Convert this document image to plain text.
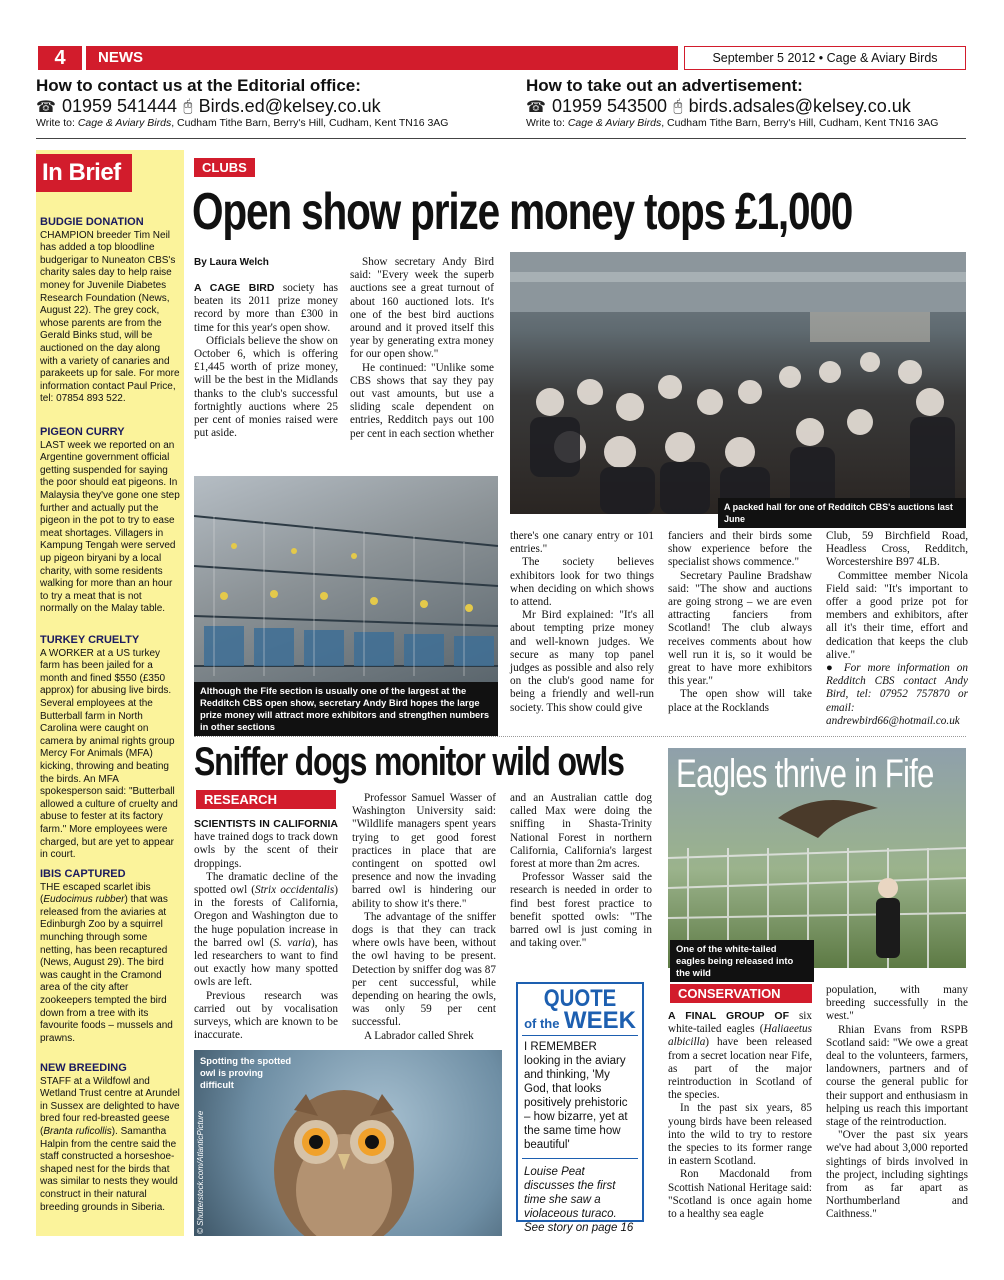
4	NEWS	September 5 2012 • Cage & Aviary Birds
How to contact us at the Editorial office:
☎ 01959 541444 🖰 Birds.ed@kelsey.co.uk
Write to: Cage & Aviary Birds, Cudham Tithe Barn, Berry's Hill, Cudham, Kent TN16 3AG
How to take out an advertisement:
☎ 01959 543500 🖰 birds.adsales@kelsey.co.uk
Write to: Cage & Aviary Birds, Cudham Tithe Barn, Berry's Hill, Cudham, Kent TN16 3AG
In Brief
BUDGIE DONATION

CHAMPION breeder Tim Neil has added a top bloodline budgerigar to Nuneaton CBS's charity sales day to help raise money for Juvenile Diabetes Research Foundation (News, August 22). The grey cock, whose parents are from the Gerald Binks stud, will be auctioned on the day along with a variety of canaries and parakeets up for sale. For more information contact Paul Price, tel: 07854 893 522.

PIGEON CURRY

LAST week we reported on an Argentine government official getting suspended for saying the poor should eat pigeons. In Malaysia they've gone one step further and actually put the pigeon in the pot to try to ease meat shortages. Villagers in Kampung Tengah were served up pigeon biryani by a local charity, with some residents walking for more than an hour to try a meat that is not normally on the Malay table.

TURKEY CRUELTY

A WORKER at a US turkey farm has been jailed for a month and fined $550 (£350 approx) for abusing live birds. Several employees at the Butterball farm in North Carolina were caught on camera by animal rights group Mercy For Animals (MFA) kicking, throwing and beating the birds. An MFA spokesperson said: "Butterball allowed a culture of cruelty and abuse to fester at its factory farm." More employees were charged, but are yet to appear in court.

IBIS CAPTURED

THE escaped scarlet ibis (Eudocimus rubber) that was released from the aviaries at Edinburgh Zoo by a squirrel munching through some netting, has been recaptured (News, August 29). The bird was caught in the Cramond area of the city after zookeepers tempted the bird down from a tree with its favourite foods – mussels and prawns.

NEW BREEDING

STAFF at a Wildfowl and Wetland Trust centre at Arundel in Sussex are delighted to have bred four red-breasted geese (Branta ruficollis). Samantha Halpin from the centre said the staff constructed a horseshoe-shaped nest for the birds that was similar to nests they would construct in their natural breeding grounds in Siberia.

CLUBS
Open show prize money tops £1,000
By Laura Welch

A CAGE BIRD society has beaten its 2011 prize money record by more than £300 in time for this year's open show.

Officials believe the show on October 6, which is offering £1,445 worth of prize money, will be the best in the Midlands thanks to the club's successful fortnightly auctions where 25 per cent of monies raised were put aside.

Show secretary Andy Bird said: "Every week the superb auctions see a great turnout of about 160 auctioned lots. It's one of the best bird auctions around and it proved itself this year by generating extra money for our open show."

He continued: "Unlike some CBS shows that say they pay out vast amounts, but use a sliding scale dependent on entries, Redditch pays out 100 per cent in each section whether

A packed hall for one of Redditch CBS's auctions last June
Although the Fife section is usually one of the largest at the Redditch CBS open show, secretary Andy Bird hopes the large prize money will attract more exhibitors and strengthen numbers in other sections

there's one canary entry or 101 entries."

The society believes exhibitors look for two things when deciding on which shows to attend.

Mr Bird explained: "It's all about tempting prize money and well-known judges. We secure as many top panel judges as possible and also rely on the club's good name for being a friendly and well-run society. This show could give

fanciers and their birds some show experience before the specialist shows commence."

Secretary Pauline Bradshaw said: "The show and auctions are going strong – we are even attracting fanciers from Scotland! The club always receives comments about how well run it is, so it would be great to have more exhibitors this year."

The open show will take place at the Rocklands

Club, 59 Birchfield Road, Headless Cross, Redditch, Worcestershire B97 4LB.

Committee member Nicola Field said: "It's important to offer a good prize pot for members and exhibitors, after all it's their time, effort and dedication that keeps the club alive."

● For more information on Redditch CBS contact Andy Bird, tel: 07952 757870 or email: andrewbird66@hotmail.co.uk

Sniffer dogs monitor wild owls
RESEARCH

SCIENTISTS IN CALIFORNIA have trained dogs to track down owls by the scent of their droppings.

The dramatic decline of the spotted owl (Strix occidentalis) in the forests of California, Oregon and Washington due to the huge population increase in the barred owl (S. varia), has led researchers to want to find out exactly how many spotted owls are left.

Previous research was carried out by vocalisation surveys, which are known to be inaccurate.

Professor Samuel Wasser of Washington University said: "Wildlife managers spent years trying to get good forest practices in place that are contingent on spotted owl presence and now the invading barred owl is hindering our ability to show it's there."

The advantage of the sniffer dogs is that they can track where owls have been, without the owl having to be present. Detection by sniffer dog was 87 per cent successful, while depending on hearing the owls, was only 59 per cent successful.

A Labrador called Shrek

and an Australian cattle dog called Max were doing the sniffing in Shasta-Trinity National Forest in northern California, California's largest forest at more than 2m acres.

Professor Wasser said the research is needed in order to find best forest practice to benefit spotted owls: "The barred owl is just coming in and taking over."

Spotting the spotted owl is proving difficult
© Shutterstock.com/AtlanticPicture
QUOTE
of the WEEK
I REMEMBER looking in the aviary and thinking, 'My God, that looks positively prehistoric – how bizarre, yet at the same time how beautiful'
Louise Peat discusses the first time she saw a violaceous turaco. See story on page 16
Eagles thrive in Fife
One of the white-tailed eagles being released into the wild
CONSERVATION

A FINAL GROUP OF six white-tailed eagles (Haliaeetus albicilla) have been released from a secret location near Fife, as part of the major reintroduction in Scotland of the species.

In the past six years, 85 young birds have been released into the wild to try to restore the species to its former range in eastern Scotland.

Ron Macdonald from Scottish National Heritage said: "Scotland is once again home to a healthy sea eagle

population, with many breeding successfully in the west."

Rhian Evans from RSPB Scotland said: "We owe a great deal to the volunteers, farmers, landowners, partners and of course the general public for their support and enthusiasm in helping us reach this important stage of the reintroduction.

"Over the past six years we've had about 3,000 reported sightings of birds involved in the project, including sightings from as far apart as Northumberland and Caithness."
